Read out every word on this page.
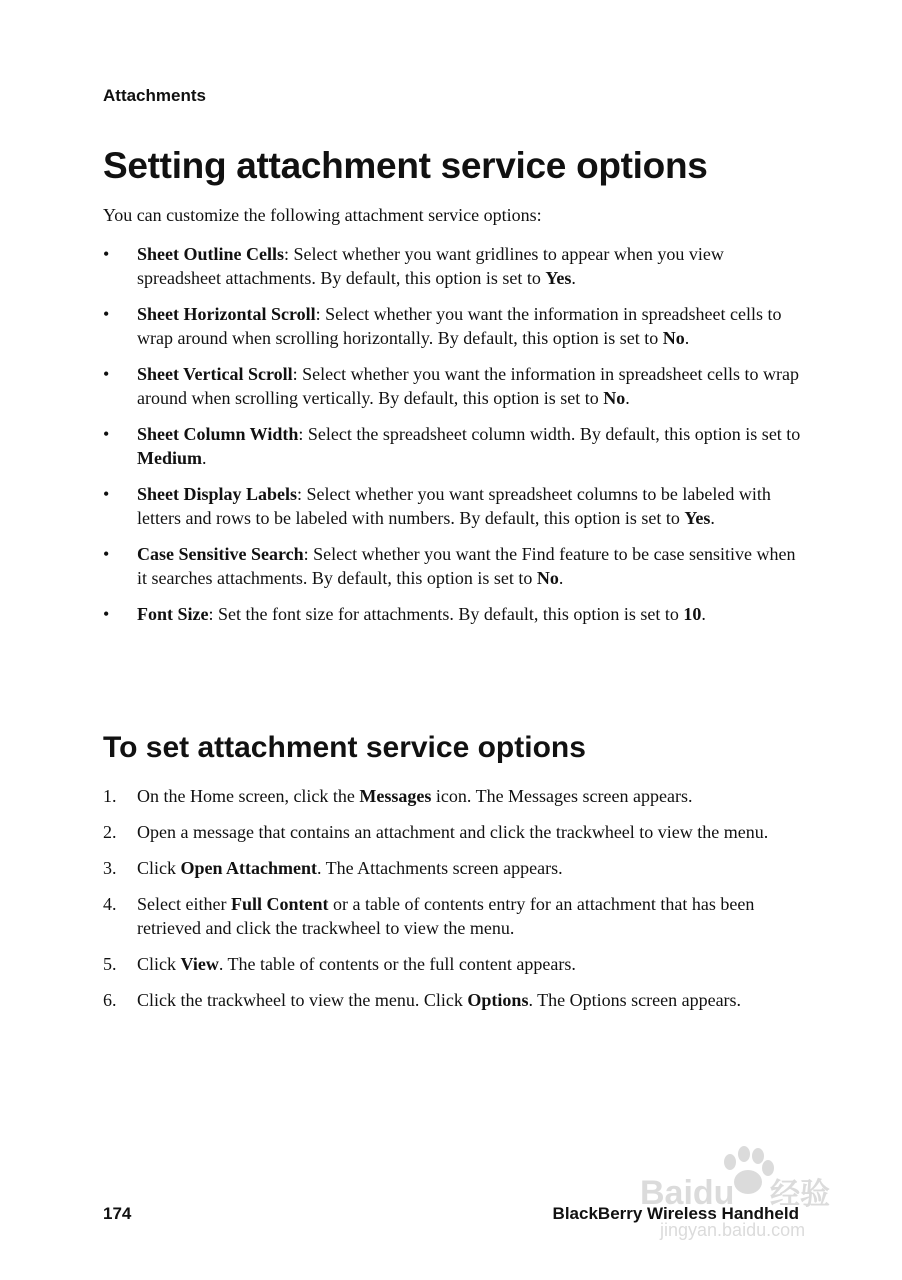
Attachments
Setting attachment service options

You can customize the following attachment service options:

• Sheet Outline Cells: Select whether you want gridlines to appear when you view spreadsheet attachments. By default, this option is set to Yes.
• Sheet Horizontal Scroll: Select whether you want the information in spreadsheet cells to wrap around when scrolling horizontally. By default, this option is set to No.
• Sheet Vertical Scroll: Select whether you want the information in spreadsheet cells to wrap around when scrolling vertically. By default, this option is set to No.
• Sheet Column Width: Select the spreadsheet column width. By default, this option is set to Medium.
• Sheet Display Labels: Select whether you want spreadsheet columns to be labeled with letters and rows to be labeled with numbers. By default, this option is set to Yes.
• Case Sensitive Search: Select whether you want the Find feature to be case sensitive when it searches attachments. By default, this option is set to No.
• Font Size: Set the font size for attachments. By default, this option is set to 10.
To set attachment service options
1. On the Home screen, click the Messages icon. The Messages screen appears.
2. Open a message that contains an attachment and click the trackwheel to view the menu.
3. Click Open Attachment. The Attachments screen appears.
4. Select either Full Content or a table of contents entry for an attachment that has been retrieved and click the trackwheel to view the menu.
5. Click View. The table of contents or the full content appears.
6. Click the trackwheel to view the menu. Click Options. The Options screen appears.
Baidu 经验
jingyan.baidu.com
174	BlackBerry Wireless Handheld
